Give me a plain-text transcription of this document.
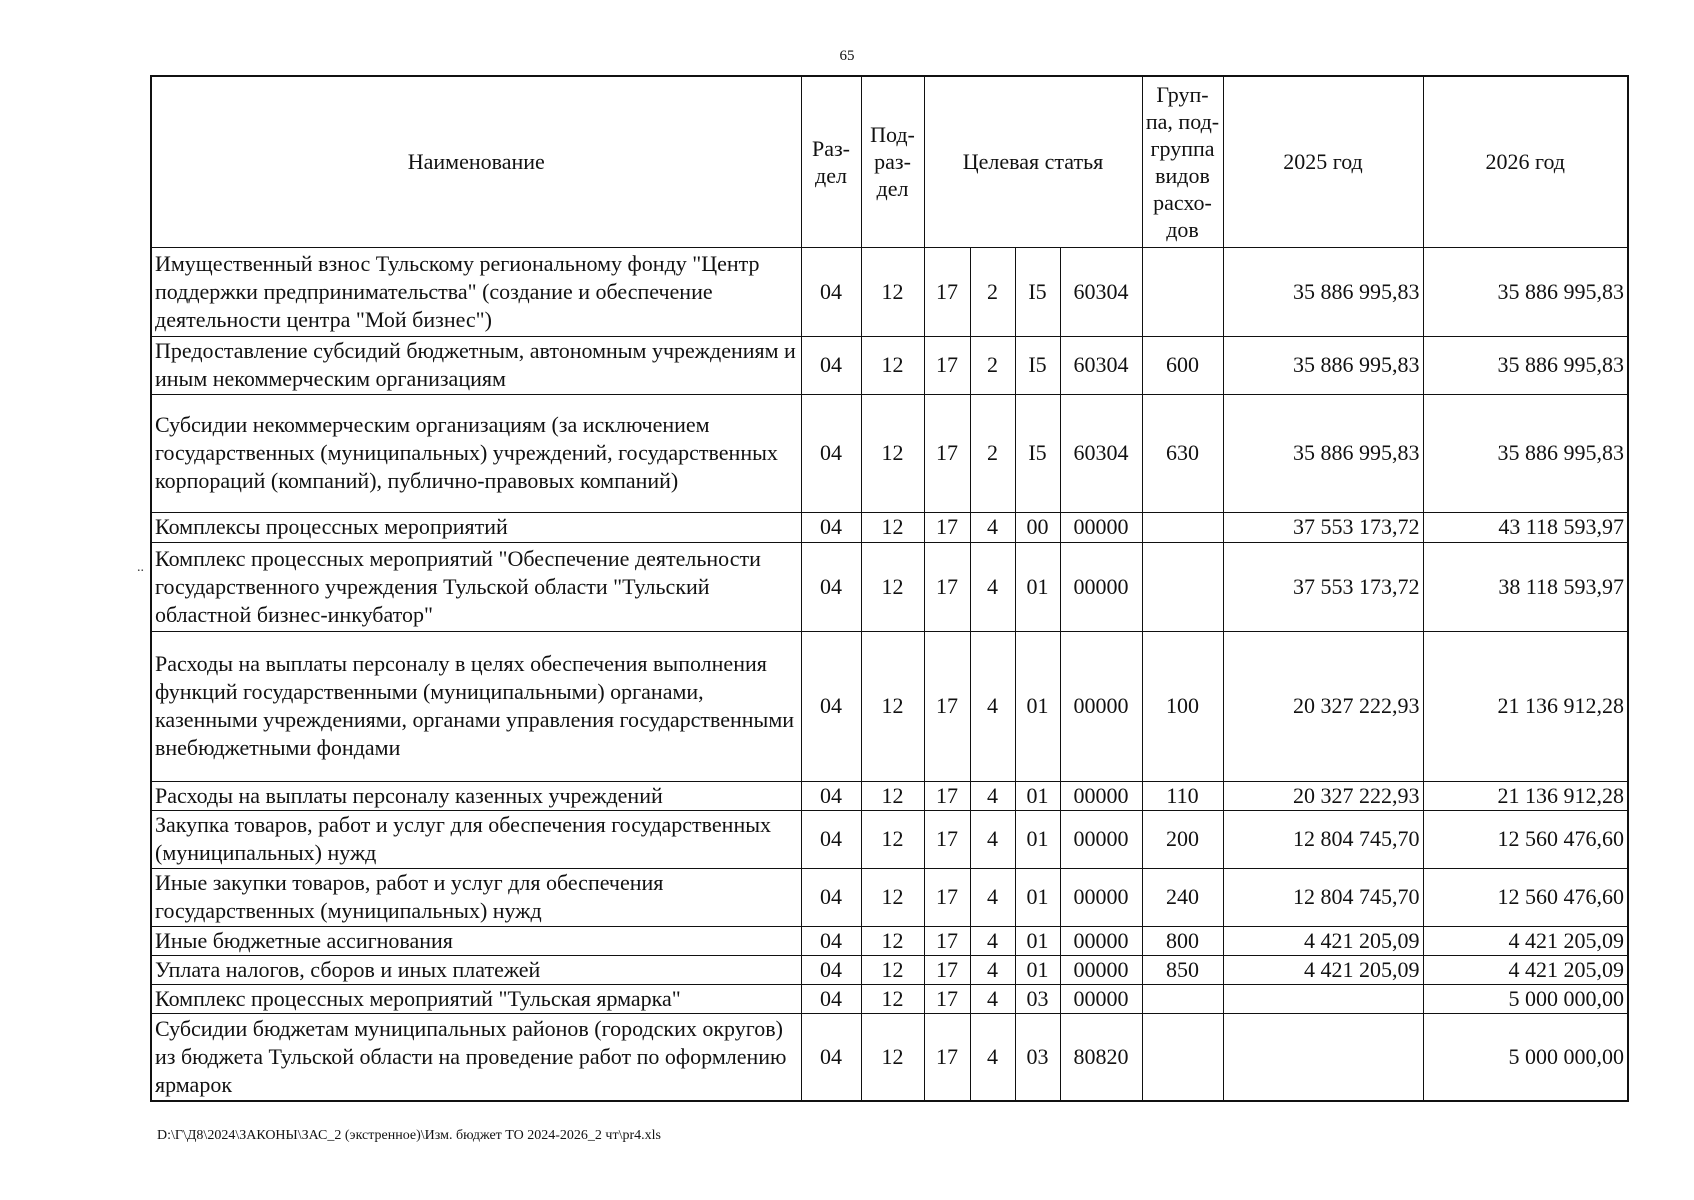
65
Наименование	Раз-дел	Под-раз-дел	Целевая статья				Груп-па, под-группа видов расхо-дов	2025 год	2026 год
Имущественный взнос Тульскому региональному фонду "Центр поддержки предпринимательства" (создание и обеспечение деятельности центра "Мой бизнес")	04	12	17	2	I5	60304		35 886 995,83	35 886 995,83
Предоставление субсидий бюджетным, автономным учреждениям и иным некоммерческим организациям	04	12	17	2	I5	60304	600	35 886 995,83	35 886 995,83
Субсидии некоммерческим организациям (за исключением государственных (муниципальных) учреждений, государственных корпораций (компаний), публично-правовых компаний)	04	12	17	2	I5	60304	630	35 886 995,83	35 886 995,83
Комплексы процессных мероприятий	04	12	17	4	00	00000		37 553 173,72	43 118 593,97
Комплекс процессных мероприятий "Обеспечение деятельности государственного учреждения Тульской области "Тульский областной бизнес-инкубатор"	04	12	17	4	01	00000		37 553 173,72	38 118 593,97
Расходы на выплаты персоналу в целях обеспечения выполнения функций государственными (муниципальными) органами, казенными учреждениями, органами управления государственными внебюджетными фондами	04	12	17	4	01	00000	100	20 327 222,93	21 136 912,28
Расходы на выплаты персоналу казенных учреждений	04	12	17	4	01	00000	110	20 327 222,93	21 136 912,28
Закупка товаров, работ и услуг для обеспечения государственных (муниципальных) нужд	04	12	17	4	01	00000	200	12 804 745,70	12 560 476,60
Иные закупки товаров, работ и услуг для обеспечения государственных (муниципальных) нужд	04	12	17	4	01	00000	240	12 804 745,70	12 560 476,60
Иные бюджетные ассигнования	04	12	17	4	01	00000	800	4 421 205,09	4 421 205,09
Уплата налогов, сборов и иных платежей	04	12	17	4	01	00000	850	4 421 205,09	4 421 205,09
Комплекс процессных мероприятий "Тульская ярмарка"	04	12	17	4	03	00000			5 000 000,00
Субсидии бюджетам муниципальных районов (городских округов) из бюджета Тульской области на проведение работ по оформлению ярмарок	04	12	17	4	03	80820			5 000 000,00
D:\Г\Д8\2024\ЗАКОНЫ\ЗАС_2 (экстренное)\Изм. бюджет ТО 2024-2026_2 чт\pr4.xls
..
